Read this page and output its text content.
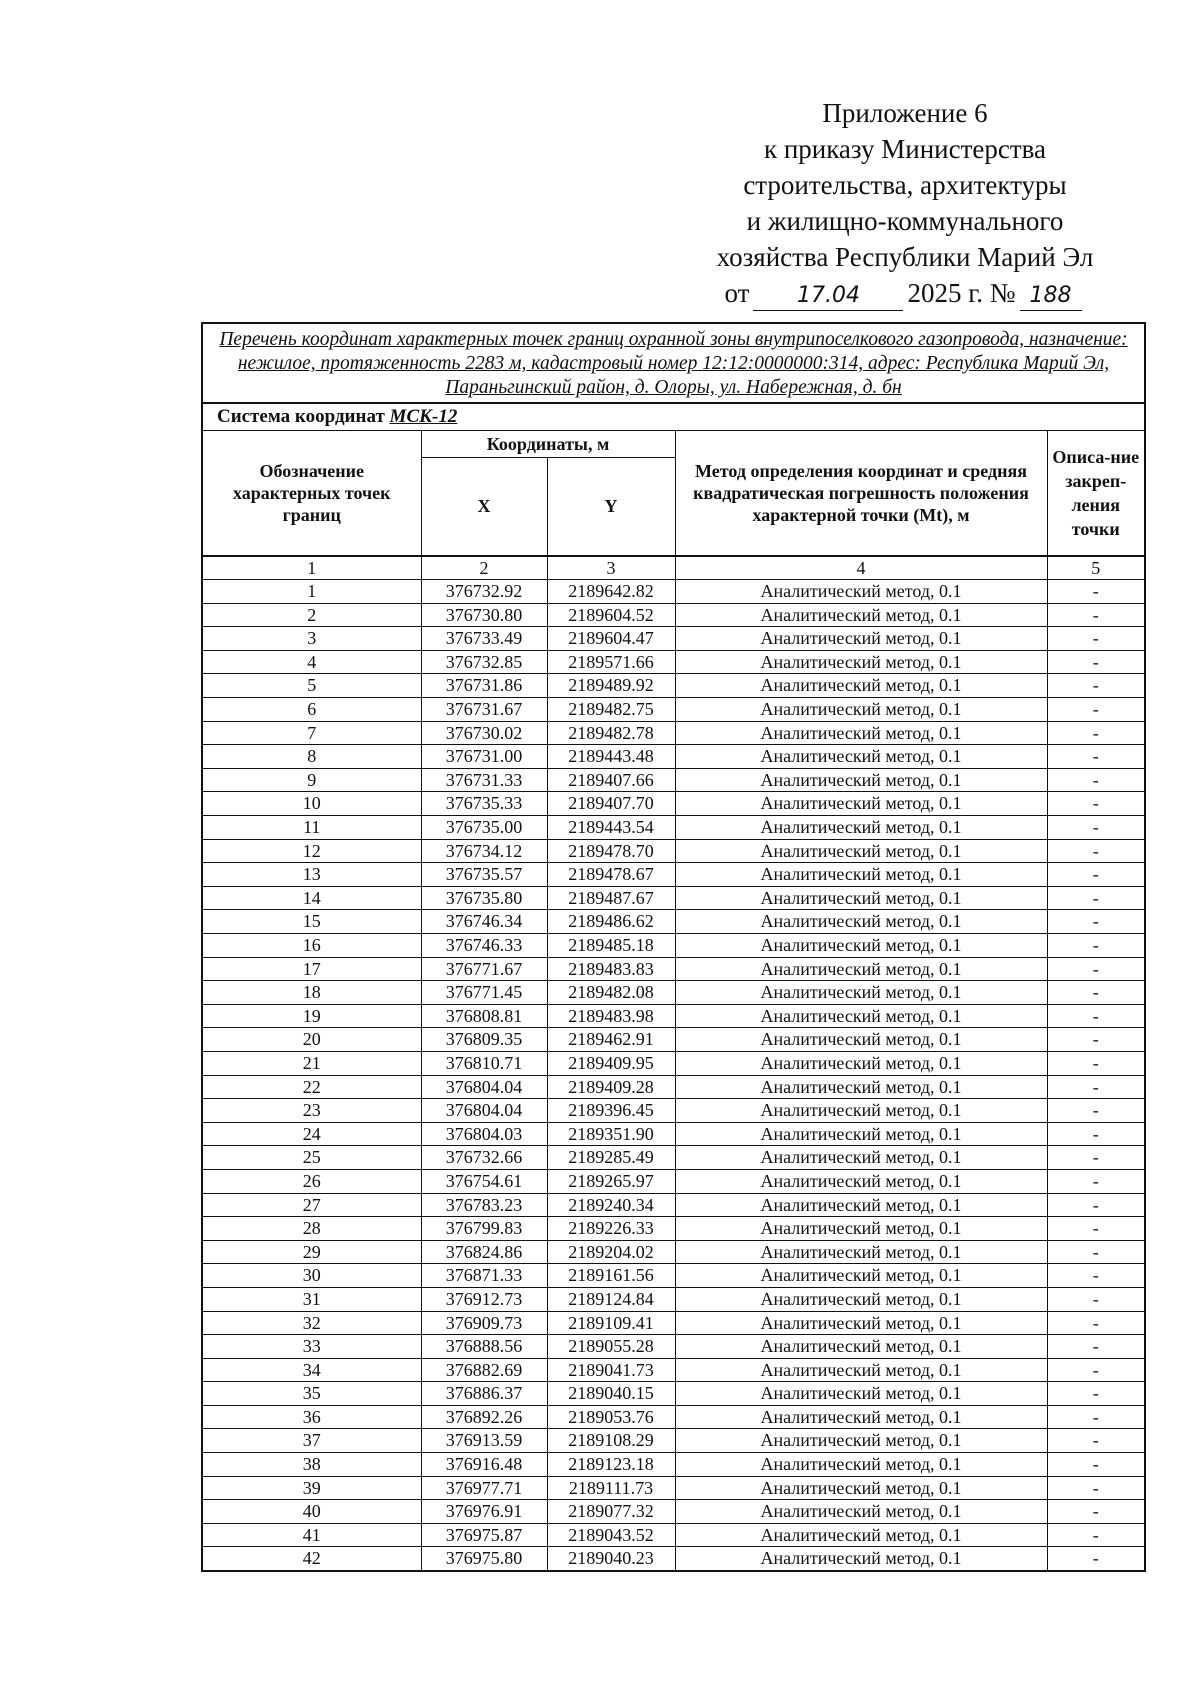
Приложение 6
к приказу Министерства
строительства, архитектуры
и жилищно-коммунального
хозяйства Республики Марий Эл
от	17.04	2025 г. № 188
Перечень координат характерных точек границ охранной зоны внутрипоселкового газопровода, назначение: нежилое, протяженность 2283 м, кадастровый номер 12:12:0000000:314, адрес: Республика Марий Эл, Параньгинский район, д. Олоры, ул. Набережная, д. бн
Система координат МСК-12
Обозначение характерных точек границ	Координаты, м		Метод определения координат и средняя квадратическая погрешность положения характерной точки (Mt), м	Описа-ние закреп-ления точки
	X	Y		
1	2	3	4	5
1	376732.92	2189642.82	Аналитический метод, 0.1	-
2	376730.80	2189604.52	Аналитический метод, 0.1	-
3	376733.49	2189604.47	Аналитический метод, 0.1	-
4	376732.85	2189571.66	Аналитический метод, 0.1	-
5	376731.86	2189489.92	Аналитический метод, 0.1	-
6	376731.67	2189482.75	Аналитический метод, 0.1	-
7	376730.02	2189482.78	Аналитический метод, 0.1	-
8	376731.00	2189443.48	Аналитический метод, 0.1	-
9	376731.33	2189407.66	Аналитический метод, 0.1	-
10	376735.33	2189407.70	Аналитический метод, 0.1	-
11	376735.00	2189443.54	Аналитический метод, 0.1	-
12	376734.12	2189478.70	Аналитический метод, 0.1	-
13	376735.57	2189478.67	Аналитический метод, 0.1	-
14	376735.80	2189487.67	Аналитический метод, 0.1	-
15	376746.34	2189486.62	Аналитический метод, 0.1	-
16	376746.33	2189485.18	Аналитический метод, 0.1	-
17	376771.67	2189483.83	Аналитический метод, 0.1	-
18	376771.45	2189482.08	Аналитический метод, 0.1	-
19	376808.81	2189483.98	Аналитический метод, 0.1	-
20	376809.35	2189462.91	Аналитический метод, 0.1	-
21	376810.71	2189409.95	Аналитический метод, 0.1	-
22	376804.04	2189409.28	Аналитический метод, 0.1	-
23	376804.04	2189396.45	Аналитический метод, 0.1	-
24	376804.03	2189351.90	Аналитический метод, 0.1	-
25	376732.66	2189285.49	Аналитический метод, 0.1	-
26	376754.61	2189265.97	Аналитический метод, 0.1	-
27	376783.23	2189240.34	Аналитический метод, 0.1	-
28	376799.83	2189226.33	Аналитический метод, 0.1	-
29	376824.86	2189204.02	Аналитический метод, 0.1	-
30	376871.33	2189161.56	Аналитический метод, 0.1	-
31	376912.73	2189124.84	Аналитический метод, 0.1	-
32	376909.73	2189109.41	Аналитический метод, 0.1	-
33	376888.56	2189055.28	Аналитический метод, 0.1	-
34	376882.69	2189041.73	Аналитический метод, 0.1	-
35	376886.37	2189040.15	Аналитический метод, 0.1	-
36	376892.26	2189053.76	Аналитический метод, 0.1	-
37	376913.59	2189108.29	Аналитический метод, 0.1	-
38	376916.48	2189123.18	Аналитический метод, 0.1	-
39	376977.71	2189111.73	Аналитический метод, 0.1	-
40	376976.91	2189077.32	Аналитический метод, 0.1	-
41	376975.87	2189043.52	Аналитический метод, 0.1	-
42	376975.80	2189040.23	Аналитический метод, 0.1	-
